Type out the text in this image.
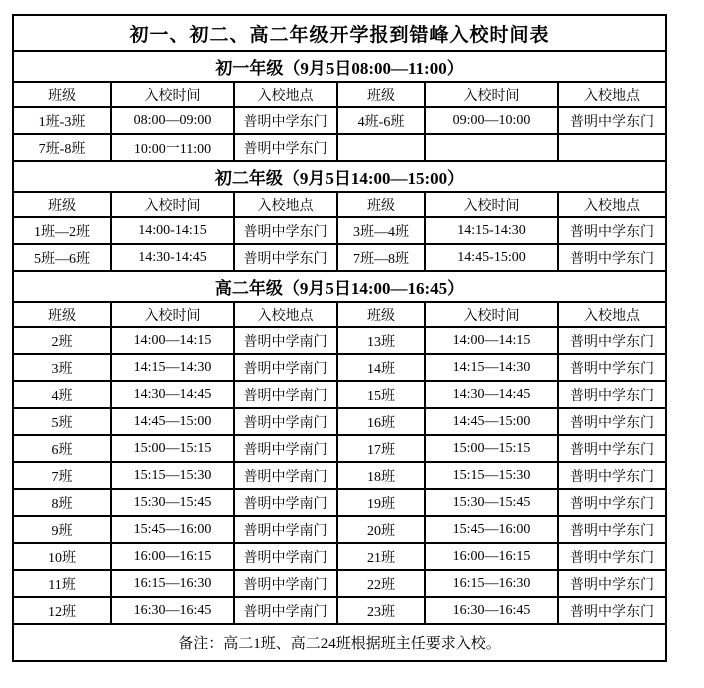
初一、初二、高二年级开学报到错峰入校时间表					
初一年级（9月5日08:00—11:00）					
班级	入校时间	入校地点	班级	入校时间	入校地点
1班-3班	08:00—09:00	普明中学东门	4班-6班	09:00—10:00	普明中学东门
7班-8班	10:00一11:00	普明中学东门			
初二年级（9月5日14:00—15:00）					
班级	入校时间	入校地点	班级	入校时间	入校地点
1班—2班	14:00-14:15	普明中学东门	3班—4班	14:15-14:30	普明中学东门
5班—6班	14:30-14:45	普明中学东门	7班—8班	14:45-15:00	普明中学东门
高二年级（9月5日14:00—16:45）					
班级	入校时间	入校地点	班级	入校时间	入校地点
2班	14:00—14:15	普明中学南门	13班	14:00—14:15	普明中学东门
3班	14:15—14:30	普明中学南门	14班	14:15—14:30	普明中学东门
4班	14:30—14:45	普明中学南门	15班	14:30—14:45	普明中学东门
5班	14:45—15:00	普明中学南门	16班	14:45—15:00	普明中学东门
6班	15:00—15:15	普明中学南门	17班	15:00—15:15	普明中学东门
7班	15:15—15:30	普明中学南门	18班	15:15—15:30	普明中学东门
8班	15:30—15:45	普明中学南门	19班	15:30—15:45	普明中学东门
9班	15:45—16:00	普明中学南门	20班	15:45—16:00	普明中学东门
10班	16:00—16:15	普明中学南门	21班	16:00—16:15	普明中学东门
11班	16:15—16:30	普明中学南门	22班	16:15—16:30	普明中学东门
12班	16:30—16:45	普明中学南门	23班	16:30—16:45	普明中学东门
备注：高二1班、高二24班根据班主任要求入校。					
